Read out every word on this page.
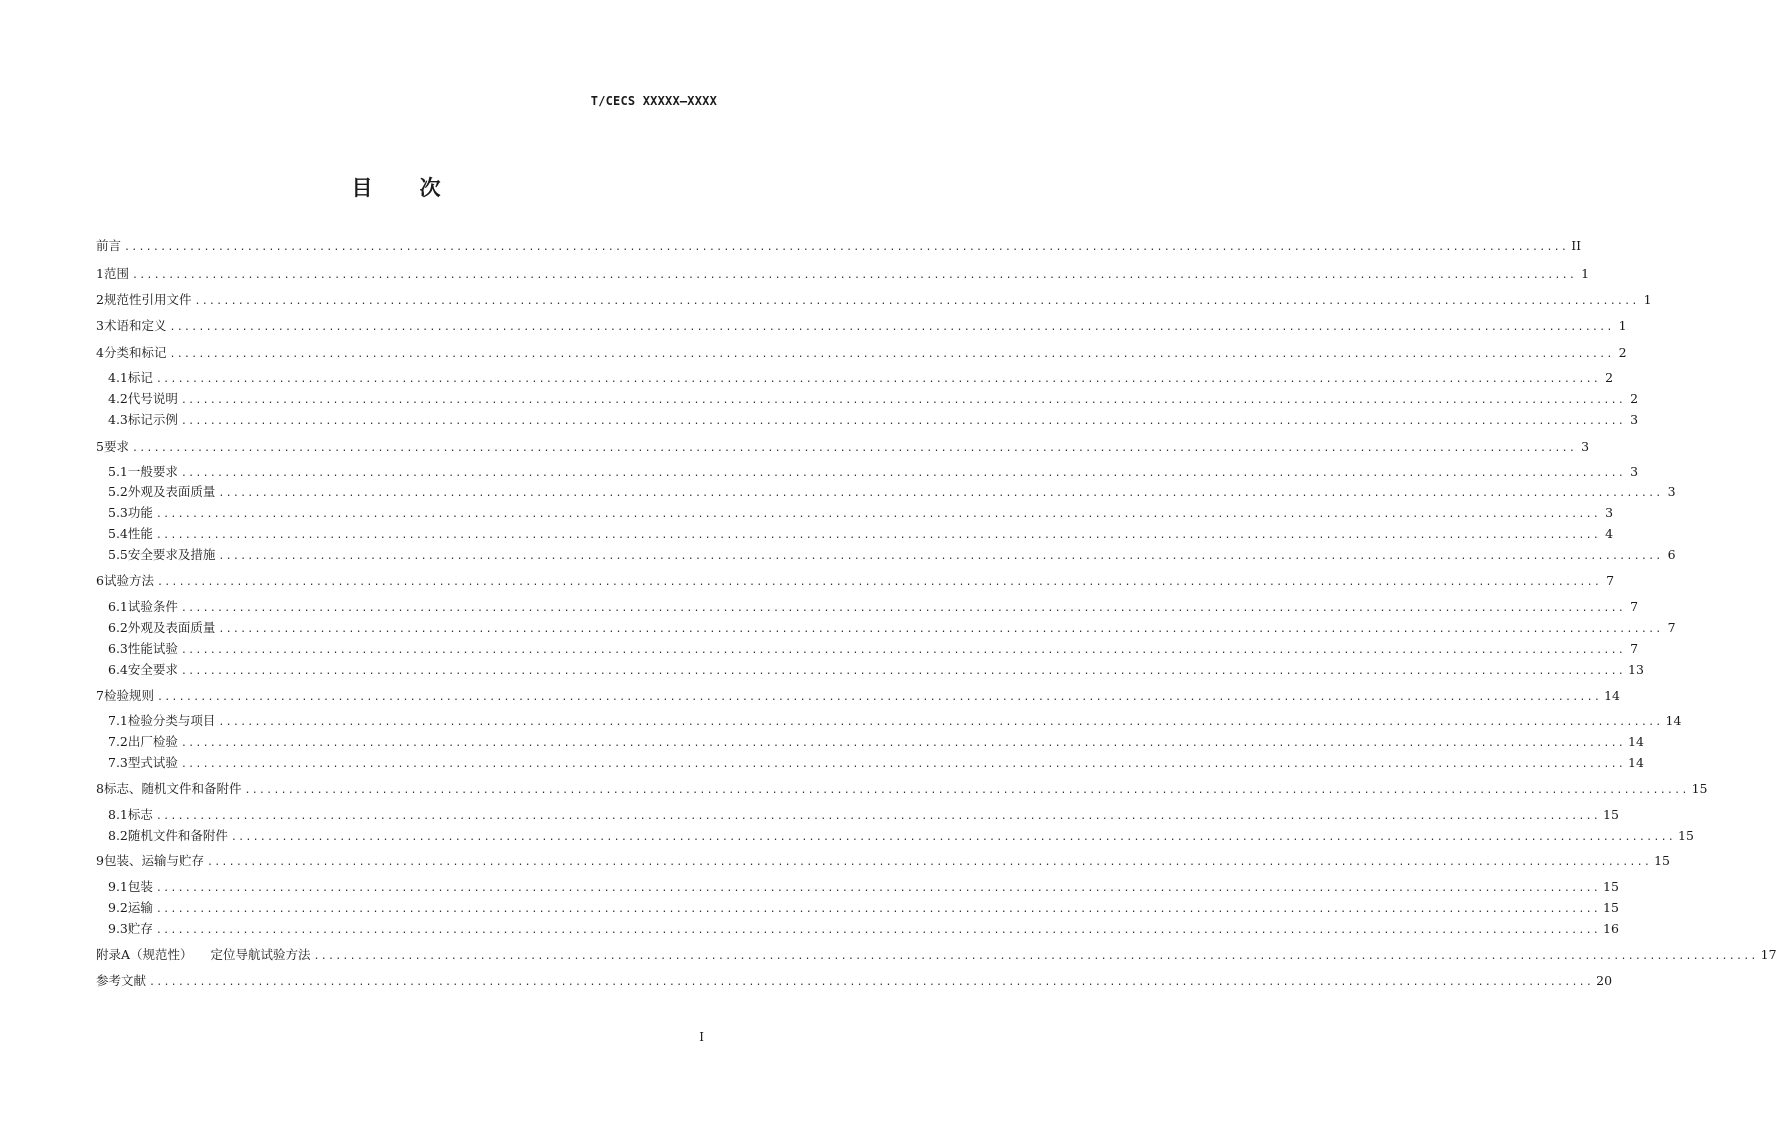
T/CECS XXXXX—XXXX
目 次
前言 ........................................................................................................................................................................................................ II
1 范围 ........................................................................................................................................................................................................ 1
2 规范性引用文件 ........................................................................................................................................................................................................ 1
3 术语和定义 ........................................................................................................................................................................................................ 1
4 分类和标记 ........................................................................................................................................................................................................ 2
4.1 标记 ........................................................................................................................................................................................................ 2
4.2 代号说明 ........................................................................................................................................................................................................ 2
4.3 标记示例 ........................................................................................................................................................................................................ 3
5 要求 ........................................................................................................................................................................................................ 3
5.1 一般要求 ........................................................................................................................................................................................................ 3
5.2 外观及表面质量 ........................................................................................................................................................................................................ 3
5.3 功能 ........................................................................................................................................................................................................ 3
5.4 性能 ........................................................................................................................................................................................................ 4
5.5 安全要求及措施 ........................................................................................................................................................................................................ 6
6 试验方法 ........................................................................................................................................................................................................ 7
6.1 试验条件 ........................................................................................................................................................................................................ 7
6.2 外观及表面质量 ........................................................................................................................................................................................................ 7
6.3 性能试验 ........................................................................................................................................................................................................ 7
6.4 安全要求 ........................................................................................................................................................................................................ 13
7 检验规则 ........................................................................................................................................................................................................ 14
7.1 检验分类与项目 ........................................................................................................................................................................................................ 14
7.2 出厂检验 ........................................................................................................................................................................................................ 14
7.3 型式试验 ........................................................................................................................................................................................................ 14
8 标志、随机文件和备附件 ........................................................................................................................................................................................................ 15
8.1 标志 ........................................................................................................................................................................................................ 15
8.2 随机文件和备附件 ........................................................................................................................................................................................................ 15
9 包装、运输与贮存 ........................................................................................................................................................................................................ 15
9.1 包装 ........................................................................................................................................................................................................ 15
9.2 运输 ........................................................................................................................................................................................................ 15
9.3 贮存 ........................................................................................................................................................................................................ 16
附录A（规范性） 定位导航试验方法 ........................................................................................................................................................................................................ 17
参考文献 ........................................................................................................................................................................................................ 20
I
